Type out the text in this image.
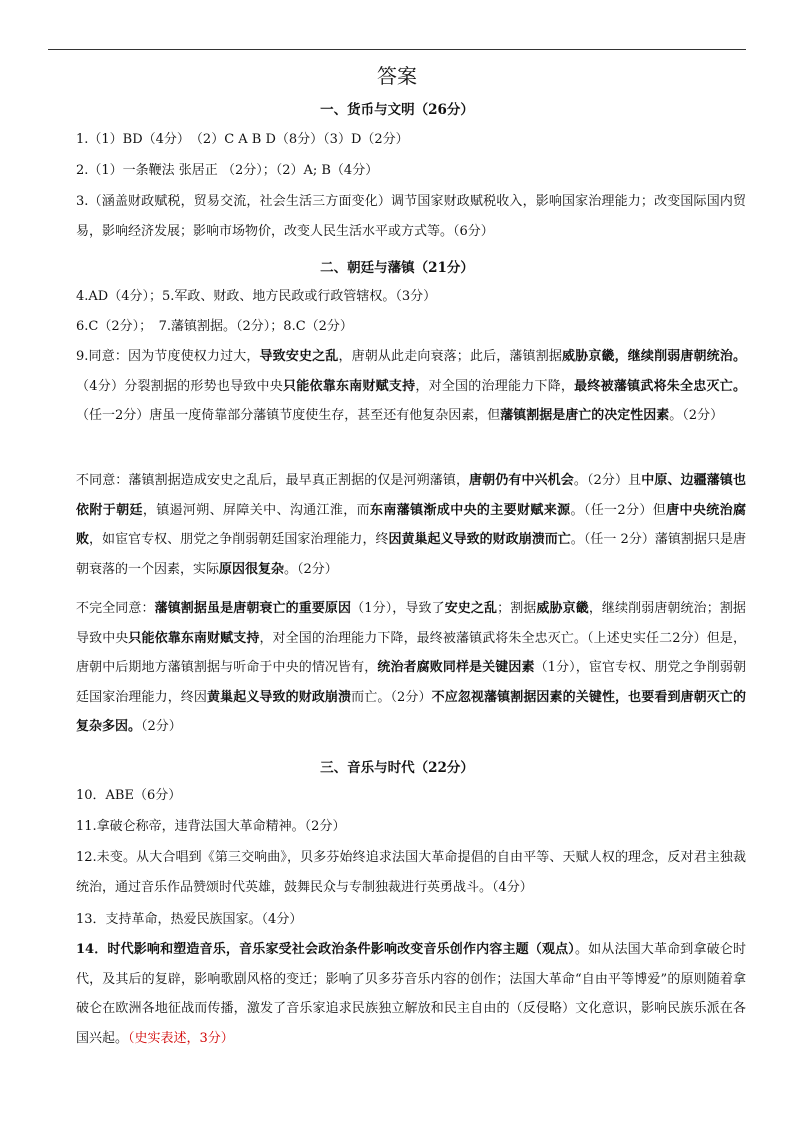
答案
一、货币与文明（26分）
1.（1）BD（4分）　（2）C A B D（8分）（3）D（2分）
2.（1）一条鞭法 张居正 （2分）；（2）A; B（4分）
3.（涵盖财政赋税，贸易交流，社会生活三方面变化）调节国家财政赋税收入，影响国家治理能力；改变国际国内贸易，影响经济发展；影响市场物价，改变人民生活水平或方式等。（6分）
二、朝廷与藩镇（21分）
4.AD（4分）；5.军政、财政、地方民政或行政管辖权。（3分）
6.C（2分）；　7.藩镇割据。（2分）；8.C（2分）
9.同意：因为节度使权力过大，导致安史之乱，唐朝从此走向衰落；此后，藩镇割据威胁京畿，继续削弱唐朝统治。（4分）分裂割据的形势也导致中央只能依靠东南财赋支持，对全国的治理能力下降，最终被藩镇武将朱全忠灭亡。（任一2分）唐虽一度倚靠部分藩镇节度使生存，甚至还有他复杂因素，但藩镇割据是唐亡的决定性因素。（2分）
不同意：藩镇割据造成安史之乱后，最早真正割据的仅是河朔藩镇，唐朝仍有中兴机会。（2分）且中原、边疆藩镇也依附于朝廷，镇遏河朔、屏障关中、沟通江淮，而东南藩镇渐成中央的主要财赋来源。（任一2分）但唐中央统治腐败，如宦官专权、朋党之争削弱朝廷国家治理能力，终因黄巢起义导致的财政崩溃而亡。（任一 2分）藩镇割据只是唐朝衰落的一个因素，实际原因很复杂。（2分）
不完全同意：藩镇割据虽是唐朝衰亡的重要原因（1分），导致了安史之乱；割据威胁京畿，继续削弱唐朝统治；割据导致中央只能依靠东南财赋支持，对全国的治理能力下降，最终被藩镇武将朱全忠灭亡。（上述史实任二2分）但是，唐朝中后期地方藩镇割据与听命于中央的情况皆有，统治者腐败同样是关键因素（1分），宦官专权、朋党之争削弱朝廷国家治理能力，终因黄巢起义导致的财政崩溃而亡。（2分）不应忽视藩镇割据因素的关键性，也要看到唐朝灭亡的复杂多因。（2分）
三、音乐与时代（22分）
10．ABE（6分）
11.拿破仑称帝，违背法国大革命精神。（2分）
12.未变。从大合唱到《第三交响曲》，贝多芬始终追求法国大革命提倡的自由平等、天赋人权的理念，反对君主独裁统治，通过音乐作品赞颂时代英雄，鼓舞民众与专制独裁进行英勇战斗。（4分）
13．支持革命，热爱民族国家。（4分）
14．时代影响和塑造音乐，音乐家受社会政治条件影响改变音乐创作内容主题（观点）。如从法国大革命到拿破仑时代，及其后的复辟，影响歌剧风格的变迁；影响了贝多芬音乐内容的创作；法国大革命“自由平等博爱”的原则随着拿破仑在欧洲各地征战而传播，激发了音乐家追求民族独立解放和民主自由的（反侵略）文化意识，影响民族乐派在各国兴起。（史实表述，3分）
